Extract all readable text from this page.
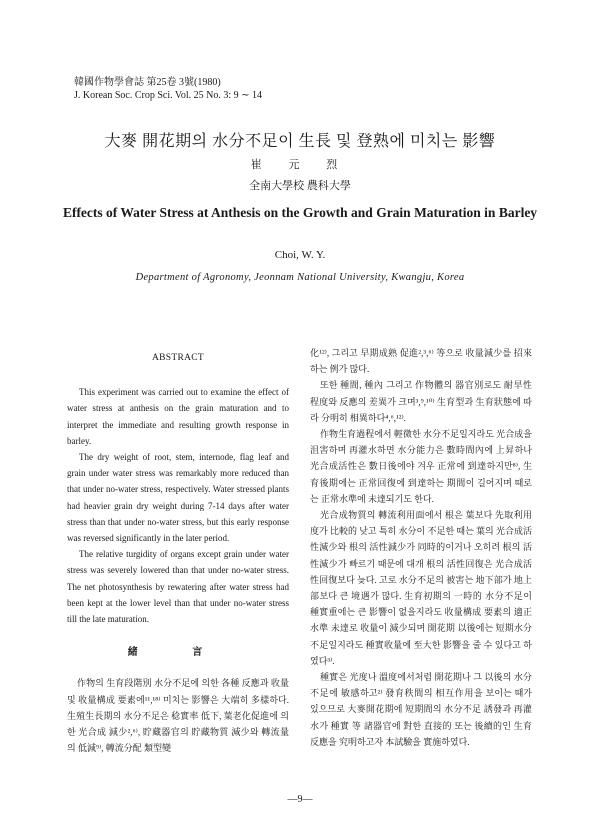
韓國作物學會誌 第25卷 3號(1980)
J. Korean Soc. Crop Sci. Vol. 25 No. 3: 9 ∼ 14
大麥 開花期의 水分不足이 生長 및 登熟에 미치는 影響
崔 元 烈
全南大學校 農科大學
Effects of Water Stress at Anthesis on the Growth and Grain Maturation in Barley
Choi, W. Y.
Department of Agronomy, Jeonnam National University, Kwangju, Korea
ABSTRACT

This experiment was carried out to examine the effect of water stress at anthesis on the grain maturation and to interpret the immediate and resulting growth response in barley.

The dry weight of root, stem, internode, flag leaf and grain under water stress was remarkably more reduced than that under no-water stress, respectively. Water stressed plants had heavier grain dry weight during 7-14 days after water stress than that under no-water stress, but this early response was reversed significantly in the later period.

The relative turgidity of organs except grain under water stress was severely lowered than that under no-water stress. The net photosynthesis by rewatering after water stress had been kept at the lower level than that under no-water stress till the late maturation.

緒 言

作物의 生育段階別 水分不足에 의한 各種 反應과 收量 및 收量構成 要素에¹¹,¹⁸⁾ 미치는 影響은 大端히 多樣하다. 生殖生長期의 水分不足은 稔實率 低下, 葉老化促進에 의한 光合成 減少²,⁶⁾, 貯藏器官의 貯藏物質 減少와 轉流量의 低減⁹⁾, 轉流分配 類型變

化¹²⁾, 그리고 早期成熟 促進²,³,⁶⁾ 等으로 收量減少를 招來하는 例가 많다.

또한 種間, 種內 그리고 作物體의 器官別로도 耐旱性 程度와 反應의 差異가 크며³,⁹,¹⁰⁾ 生育型과 生育狀態에 따라 分明히 相異하다⁴,⁶,¹²⁾.

作物生育過程에서 輕微한 水分不足일지라도 光合成을 沮害하며 再灌水하면 水分能力은 數時間內에 上昇하나 光合成活性은 數日後에야 겨우 正常에 到達하지만⁸⁾, 生育後期에는 正常回復에 到達하는 期間이 길어지며 때로는 正常水準에 未達되기도 한다.

光合成物質의 轉流利用面에서 根은 葉보다 先取利用度가 比較的 낮고 특히 水分이 不足한 때는 葉의 光合成活性減少와 根의 活性減少가 同時的이거나 오히려 根의 活性減少가 빠르기 때문에 대개 根의 活性回復은 光合成活性回復보다 늦다. 고로 水分不足의 被害는 地下部가 地上部보다 큰 境遇가 많다. 生育初期의 一時的 水分不足이 種實重에는 큰 影響이 없을지라도 收量構成 要素의 適正水準 未達로 收量이 減少되며 開花期 以後에는 短期水分不足일지라도 種實收量에 至大한 影響을 줄 수 있다고 하였다³⁾.

種實은 光度나 溫度에서처럼 開花期나 그 以後의 水分不足에 敏感하고²⁾ 發育秩間의 相互作用을 보이는 때가 있으므로 大麥開花期에 短期間의 水分不足 誘發과 再灌水가 種實 等 諸器官에 對한 直接的 또는 後續的인 生育反應을 究明하고자 本試驗을 實施하였다.

—9—
